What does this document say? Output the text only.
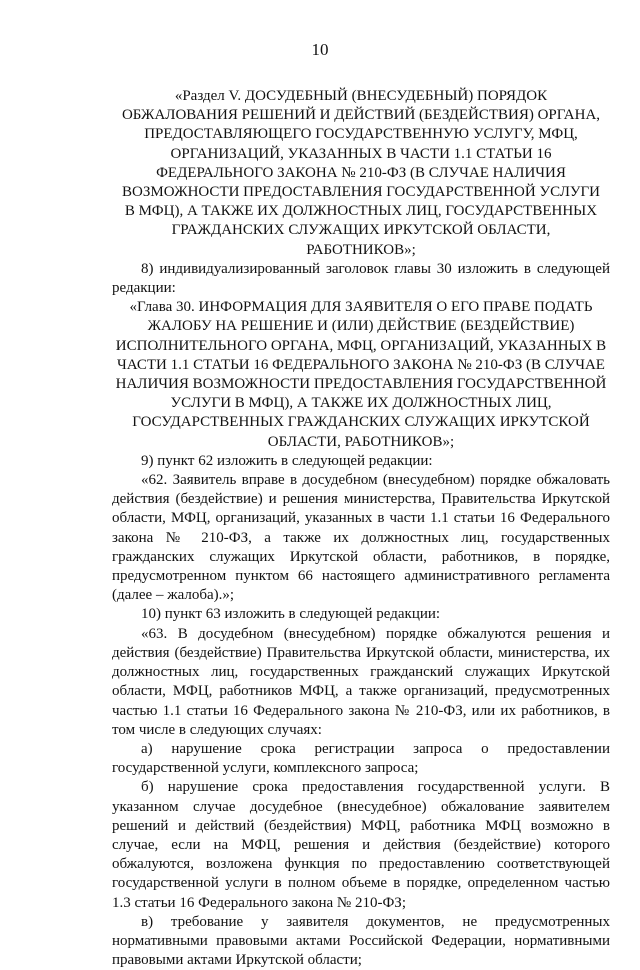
10

«Раздел V. ДОСУДЕБНЫЙ (ВНЕСУДЕБНЫЙ) ПОРЯДОК ОБЖАЛОВАНИЯ РЕШЕНИЙ И ДЕЙСТВИЙ (БЕЗДЕЙСТВИЯ) ОРГАНА, ПРЕДОСТАВЛЯЮЩЕГО ГОСУДАРСТВЕННУЮ УСЛУГУ, МФЦ, ОРГАНИЗАЦИЙ, УКАЗАННЫХ В ЧАСТИ 1.1 СТАТЬИ 16 ФЕДЕРАЛЬНОГО ЗАКОНА № 210-ФЗ (В СЛУЧАЕ НАЛИЧИЯ ВОЗМОЖНОСТИ ПРЕДОСТАВЛЕНИЯ ГОСУДАРСТВЕННОЙ УСЛУГИ В МФЦ), А ТАКЖЕ ИХ ДОЛЖНОСТНЫХ ЛИЦ, ГОСУДАРСТВЕННЫХ ГРАЖДАНСКИХ СЛУЖАЩИХ ИРКУТСКОЙ ОБЛАСТИ, РАБОТНИКОВ»;

8) индивидуализированный заголовок главы 30 изложить в следующей редакции:

«Глава 30. ИНФОРМАЦИЯ ДЛЯ ЗАЯВИТЕЛЯ О ЕГО ПРАВЕ ПОДАТЬ ЖАЛОБУ НА РЕШЕНИЕ И (ИЛИ) ДЕЙСТВИЕ (БЕЗДЕЙСТВИЕ) ИСПОЛНИТЕЛЬНОГО ОРГАНА, МФЦ, ОРГАНИЗАЦИЙ, УКАЗАННЫХ В ЧАСТИ 1.1 СТАТЬИ 16 ФЕДЕРАЛЬНОГО ЗАКОНА № 210-ФЗ (В СЛУЧАЕ НАЛИЧИЯ ВОЗМОЖНОСТИ ПРЕДОСТАВЛЕНИЯ ГОСУДАРСТВЕННОЙ УСЛУГИ В МФЦ), А ТАКЖЕ ИХ ДОЛЖНОСТНЫХ ЛИЦ, ГОСУДАРСТВЕННЫХ ГРАЖДАНСКИХ СЛУЖАЩИХ ИРКУТСКОЙ ОБЛАСТИ, РАБОТНИКОВ»;

9) пункт 62 изложить в следующей редакции:

«62. Заявитель вправе в досудебном (внесудебном) порядке обжаловать действия (бездействие) и решения министерства, Правительства Иркутской области, МФЦ, организаций, указанных в части 1.1 статьи 16 Федерального закона № 210-ФЗ, а также их должностных лиц, государственных гражданских служащих Иркутской области, работников, в порядке, предусмотренном пунктом 66 настоящего административного регламента (далее – жалоба).»;

10) пункт 63 изложить в следующей редакции:

«63. В досудебном (внесудебном) порядке обжалуются решения и действия (бездействие) Правительства Иркутской области, министерства, их должностных лиц, государственных гражданский служащих Иркутской области, МФЦ, работников МФЦ, а также организаций, предусмотренных частью 1.1 статьи 16 Федерального закона № 210-ФЗ, или их работников, в том числе в следующих случаях:

а) нарушение срока регистрации запроса о предоставлении государственной услуги, комплексного запроса;

б) нарушение срока предоставления государственной услуги. В указанном случае досудебное (внесудебное) обжалование заявителем решений и действий (бездействия) МФЦ, работника МФЦ возможно в случае, если на МФЦ, решения и действия (бездействие) которого обжалуются, возложена функция по предоставлению соответствующей государственной услуги в полном объеме в порядке, определенном частью 1.3 статьи 16 Федерального закона № 210-ФЗ;

в) требование у заявителя документов, не предусмотренных нормативными правовыми актами Российской Федерации, нормативными правовыми актами Иркутской области;
